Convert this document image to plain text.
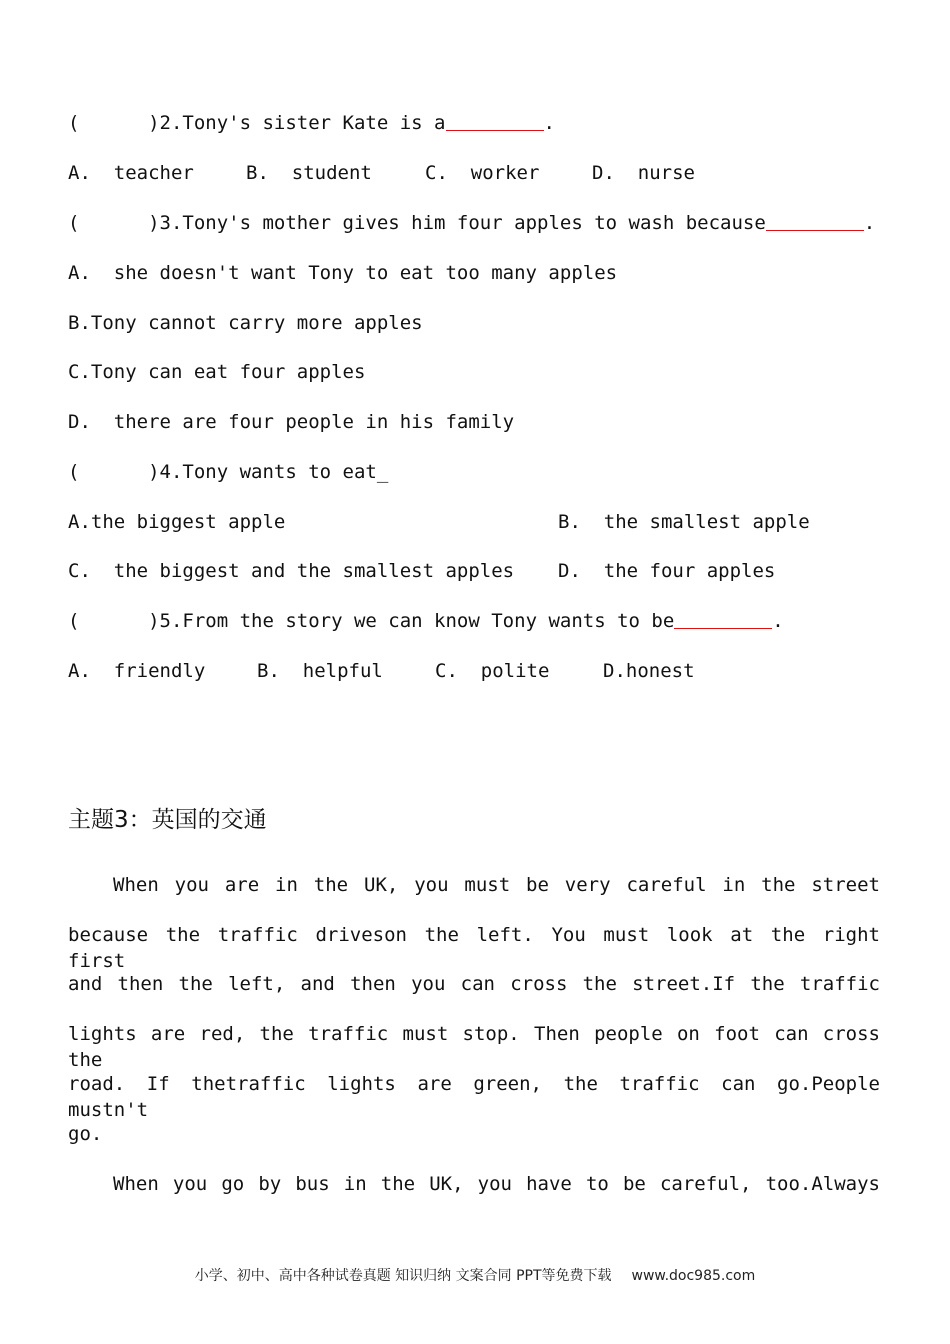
(      )2.Tony's sister Kate is a	.
A.  teacher	B.  student	C.  worker	D.  nurse
(      )3.Tony's mother gives him four apples to wash because	.
A.  she doesn't want Tony to eat too many apples
B.Tony cannot carry more apples
C.Tony can eat four apples
D.  there are four people in his family
(      )4.Tony wants to eat_
A.the biggest apple	B.  the smallest apple
C.  the biggest and the smallest apples D.  the four apples
(      )5.From the story we can know Tony wants to be	.
A.  friendly	B.  helpful	C.  polite	D.honest
主题3：英国的交通
When you are in the UK, you must be very careful in the street
because the traffic driveson the left. You must look at the right first
and then the left, and then you can cross the street.If the traffic
lights are red, the traffic must stop. Then people on foot can cross the
road. If thetraffic lights are green, the traffic can go.People mustn't
go.
When you go by bus in the UK, you have to be careful, too.Always
小学、初中、高中各种试卷真题 知识归纳 文案合同 PPT等免费下载 www.doc985.com
